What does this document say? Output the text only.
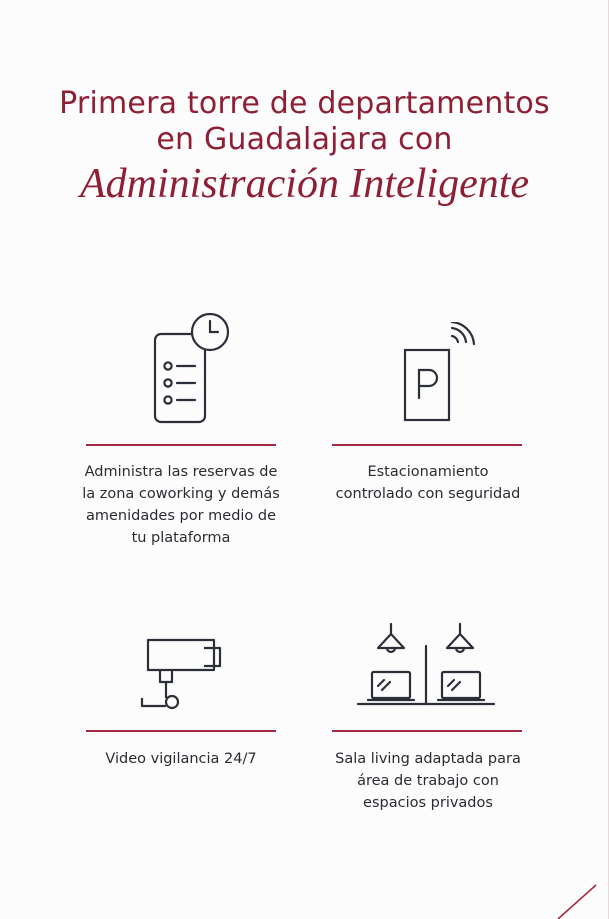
Primera torre de departamentos
en Guadalajara con
Administración Inteligente
Administra las reservas de la zona coworking y demás amenidades por medio de tu plataforma
Estacionamiento controlado con seguridad
Video vigilancia 24/7	Sala living adaptada para área de trabajo con espacios privados
